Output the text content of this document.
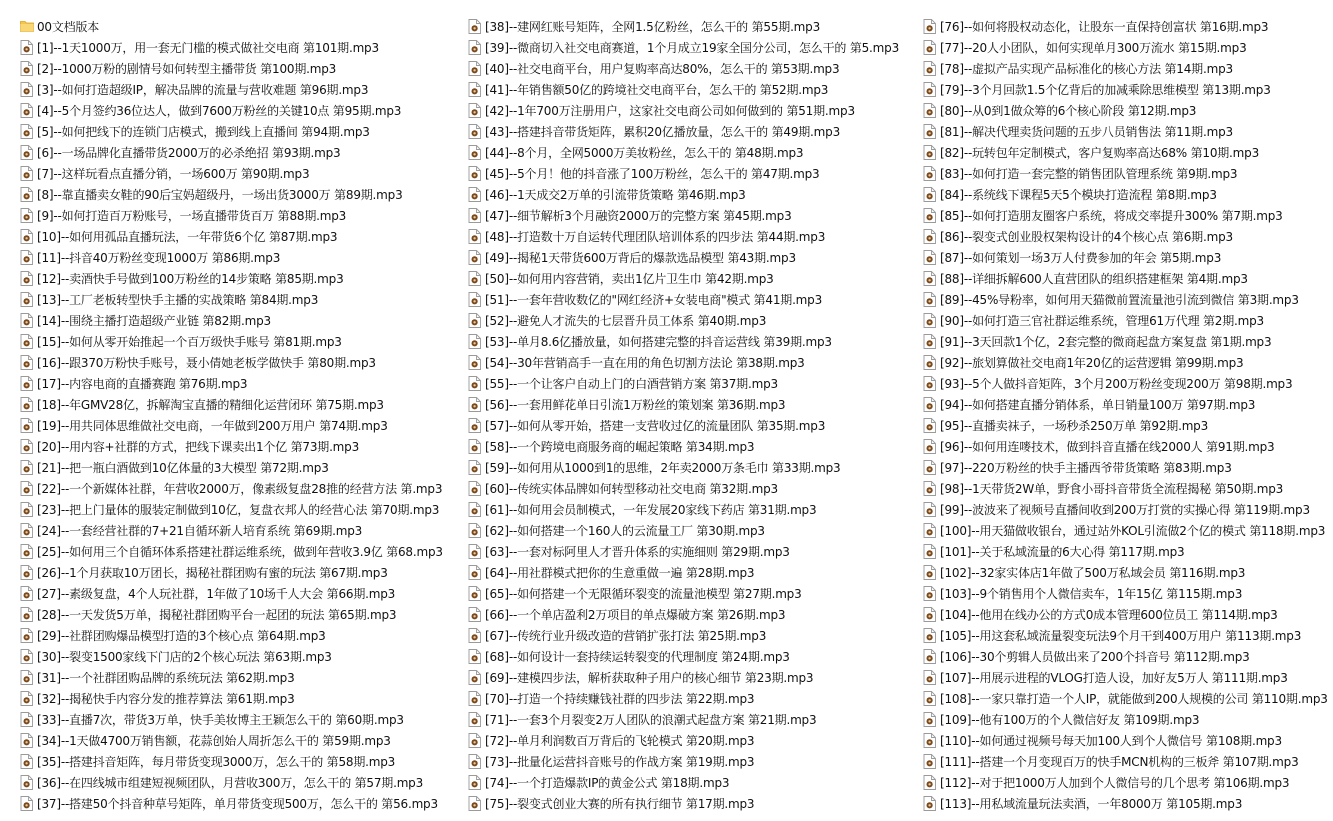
00文档版本
[1]--1天1000万，用一套无门槛的模式做社交电商 第101期.mp3
[2]--1000万粉的剧情号如何转型主播带货 第100期.mp3
[3]--如何打造超级IP，解决品牌的流量与营收难题 第96期.mp3
[4]--5个月签约36位达人，做到7600万粉丝的关键10点 第95期.mp3
[5]--如何把线下的连锁门店模式，搬到线上直播间 第94期.mp3
[6]--一场品牌化直播带货2000万的必杀绝招 第93期.mp3
[7]--这样玩看点直播分销，一场600万 第90期.mp3
[8]--靠直播卖女鞋的90后宝妈超级丹，一场出货3000万 第89期.mp3
[9]--如何打造百万粉账号，一场直播带货百万 第88期.mp3
[10]--如何用孤品直播玩法，一年带货6个亿 第87期.mp3
[11]--抖音40万粉丝变现1000万 第86期.mp3
[12]--卖酒快手号做到100万粉丝的14步策略 第85期.mp3
[13]--工厂老板转型快手主播的实战策略 第84期.mp3
[14]--围绕主播打造超级产业链 第82期.mp3
[15]--如何从零开始推起一个百万级快手账号 第81期.mp3
[16]--跟370万粉快手账号，聂小倩她老板学做快手 第80期.mp3
[17]--内容电商的直播赛跑 第76期.mp3
[18]--年GMV28亿，拆解淘宝直播的精细化运营闭环 第75期.mp3
[19]--用共同体思维做社交电商，一年做到200万用户 第74期.mp3
[20]--用内容+社群的方式，把线下课卖出1个亿 第73期.mp3
[21]--把一瓶白酒做到10亿体量的3大模型 第72期.mp3
[22]--一个新媒体社群，年营收2000万，像素级复盘28推的经营方法 第.mp3
[23]--把上门量体的服装定制做到10亿，复盘衣邦人的经营心法 第70期.mp3
[24]--一套经营社群的7+21自循环新人培育系统 第69期.mp3
[25]--如何用三个自循环体系搭建社群运维系统，做到年营收3.9亿 第68.mp3
[26]--1个月获取10万团长，揭秘社群团购有蜜的玩法 第67期.mp3
[27]--素级复盘，4个人玩社群，1年做了10场千人大会 第66期.mp3
[28]--一天发货5万单，揭秘社群团购平台一起团的玩法 第65期.mp3
[29]--社群团购爆品模型打造的3个核心点 第64期.mp3
[30]--裂变1500家线下门店的2个核心玩法 第63期.mp3
[31]--一个社群团购品牌的系统玩法 第62期.mp3
[32]--揭秘快手内容分发的推荐算法 第61期.mp3
[33]--直播7次，带货3万单，快手美妆博主王颖怎么干的 第60期.mp3
[34]--1天做4700万销售额，花蒜创始人周折怎么干的 第59期.mp3
[35]--搭建抖音矩阵，每月带货变现3000万，怎么干的 第58期.mp3
[36]--在四线城市组建短视频团队，月营收300万，怎么干的 第57期.mp3
[37]--搭建50个抖音种草号矩阵，单月带货变现500万，怎么干的 第56.mp3
[38]--建网红账号矩阵，全网1.5亿粉丝，怎么干的 第55期.mp3
[39]--微商切入社交电商赛道，1个月成立19家全国分公司，怎么干的 第5.mp3
[40]--社交电商平台，用户复购率高达80%，怎么干的 第53期.mp3
[41]--年销售额50亿的跨境社交电商平台，怎么干的 第52期.mp3
[42]--1年700万注册用户，这家社交电商公司如何做到的 第51期.mp3
[43]--搭建抖音带货矩阵，累积20亿播放量，怎么干的 第49期.mp3
[44]--8个月，全网5000万美妆粉丝，怎么干的 第48期.mp3
[45]--5个月！他的抖音涨了100万粉丝，怎么干的 第47期.mp3
[46]--1天成交2万单的引流带货策略 第46期.mp3
[47]--细节解析3个月融资2000万的完整方案 第45期.mp3
[48]--打造数十万自运转代理团队培训体系的四步法 第44期.mp3
[49]--揭秘1天带货600万背后的爆款选品模型 第43期.mp3
[50]--如何用内容营销，卖出1亿片卫生巾 第42期.mp3
[51]--一套年营收数亿的"网红经济+女装电商"模式 第41期.mp3
[52]--避免人才流失的七层晋升员工体系 第40期.mp3
[53]--单月8.6亿播放量，如何搭建完整的抖音运营线 第39期.mp3
[54]--30年营销高手一直在用的角色切割方法论 第38期.mp3
[55]--一个让客户自动上门的白酒营销方案 第37期.mp3
[56]--一套用鲜花单日引流1万粉丝的策划案 第36期.mp3
[57]--如何从零开始，搭建一支营收过亿的流量团队 第35期.mp3
[58]--一个跨境电商服务商的崛起策略 第34期.mp3
[59]--如何用从1000到1的思维，2年卖2000万条毛巾 第33期.mp3
[60]--传统实体品牌如何转型移动社交电商 第32期.mp3
[61]--如何用会员制模式，一年发展20家线下药店 第31期.mp3
[62]--如何搭建一个160人的云流量工厂 第30期.mp3
[63]--一套对标阿里人才晋升体系的实施细则 第29期.mp3
[64]--用社群模式把你的生意重做一遍 第28期.mp3
[65]--如何搭建一个无限循环裂变的流量池模型 第27期.mp3
[66]--一个单店盈利2万项目的单点爆破方案 第26期.mp3
[67]--传统行业升级改造的营销扩张打法 第25期.mp3
[68]--如何设计一套持续运转裂变的代理制度 第24期.mp3
[69]--建模四步法，解析获取种子用户的核心细节 第23期.mp3
[70]--打造一个持续赚钱社群的四步法 第22期.mp3
[71]--一套3个月裂变2万人团队的浪潮式起盘方案 第21期.mp3
[72]--单月利润数百万背后的飞轮模式 第20期.mp3
[73]--批量化运营抖音账号的作战方案 第19期.mp3
[74]--一个打造爆款IP的黄金公式 第18期.mp3
[75]--裂变式创业大赛的所有执行细节 第17期.mp3
[76]--如何将股权动态化，让股东一直保持创富状 第16期.mp3
[77]--20人小团队，如何实现单月300万流水 第15期.mp3
[78]--虚拟产品实现产品标准化的核心方法 第14期.mp3
[79]--3个月回款1.5个亿背后的加减乘除思维模型 第13期.mp3
[80]--从0到1做众筹的6个核心阶段 第12期.mp3
[81]--解决代理卖货问题的五步八员销售法 第11期.mp3
[82]--玩转包年定制模式，客户复购率高达68% 第10期.mp3
[83]--如何打造一套完整的销售团队管理系统 第9期.mp3
[84]--系统线下课程5天5个模块打造流程 第8期.mp3
[85]--如何打造朋友圈客户系统，将成交率提升300% 第7期.mp3
[86]--裂变式创业股权架构设计的4个核心点 第6期.mp3
[87]--如何策划一场3万人付费参加的年会 第5期.mp3
[88]--详细拆解600人直营团队的组织搭建框架 第4期.mp3
[89]--45%导粉率，如何用天猫微前置流量池引流到微信 第3期.mp3
[90]--如何打造三官社群运维系统，管理61万代理 第2期.mp3
[91]--3天回款1个亿，2套完整的微商起盘方案复盘 第1期.mp3
[92]--旅划算做社交电商1年20亿的运营逻辑 第99期.mp3
[93]--5个人做抖音矩阵，3个月200万粉丝变现200万 第98期.mp3
[94]--如何搭建直播分销体系，单日销量100万 第97期.mp3
[95]--直播卖袜子，一场秒杀250万单 第92期.mp3
[96]--如何用连嘜技术，做到抖音直播在线2000人 第91期.mp3
[97]--220万粉丝的快手主播西爷带货策略 第83期.mp3
[98]--1天带货2W单，野食小哥抖音带货全流程揭秘 第50期.mp3
[99]--波波来了视频号直播间收到200万打赏的实操心得 第119期.mp3
[100]--用天猫做收银台，通过站外KOL引流做2个亿的模式 第118期.mp3
[101]--关于私域流量的6大心得 第117期.mp3
[102]--32家实体店1年做了500万私域会员 第116期.mp3
[103]--9个销售用个人微信卖车，1年15亿 第115期.mp3
[104]--他用在线办公的方式0成本管理600位员工 第114期.mp3
[105]--用这套私域流量裂变玩法9个月干到400万用户 第113期.mp3
[106]--30个剪辑人员做出来了200个抖音号 第112期.mp3
[107]--用展示进程的VLOG打造人设，加好友5万人 第111期.mp3
[108]--一家只靠打造一个人IP，就能做到200人规模的公司 第110期.mp3
[109]--他有100万的个人微信好友 第109期.mp3
[110]--如何通过视频号每天加100人到个人微信号 第108期.mp3
[111]--搭建一个月变现百万的快手MCN机构的三板斧 第107期.mp3
[112]--对于把1000万人加到个人微信号的几个思考 第106期.mp3
[113]--用私域流量玩法卖酒，一年8000万 第105期.mp3
